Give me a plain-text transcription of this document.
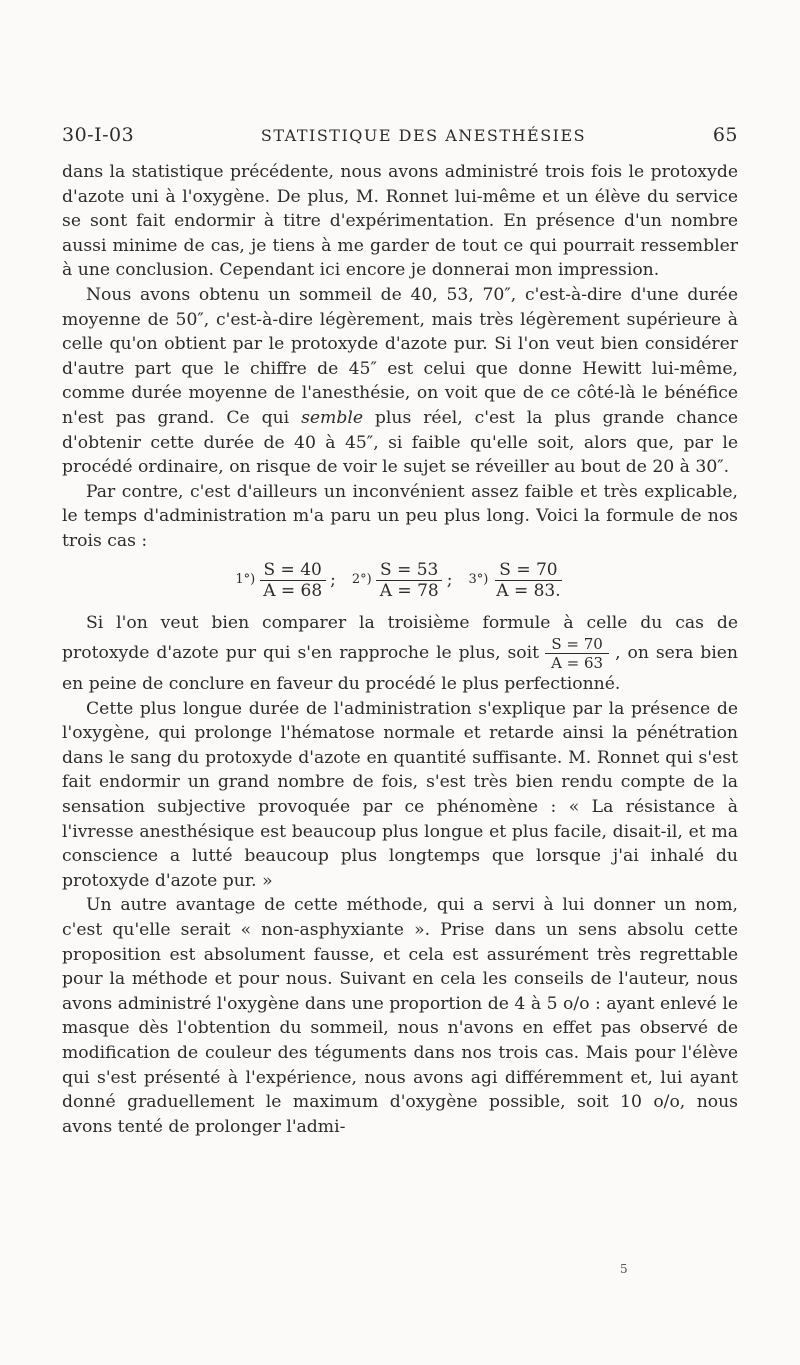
30-I-03	STATISTIQUE DES ANESTHÉSIES	65

dans la statistique précédente, nous avons administré trois fois le protoxyde d'azote uni à l'oxygène. De plus, M. Ronnet lui-même et un élève du service se sont fait endormir à titre d'expérimentation. En présence d'un nombre aussi minime de cas, je tiens à me garder de tout ce qui pourrait ressembler à une conclusion. Cependant ici encore je donnerai mon impression.

Nous avons obtenu un sommeil de 40, 53, 70″, c'est-à-dire d'une durée moyenne de 50″, c'est-à-dire légèrement, mais très légèrement supérieure à celle qu'on obtient par le protoxyde d'azote pur. Si l'on veut bien considérer d'autre part que le chiffre de 45″ est celui que donne Hewitt lui-même, comme durée moyenne de l'anesthésie, on voit que de ce côté-là le bénéfice n'est pas grand. Ce qui semble plus réel, c'est la plus grande chance d'obtenir cette durée de 40 à 45″, si faible qu'elle soit, alors que, par le procédé ordinaire, on risque de voir le sujet se réveiller au bout de 20 à 30″.

Par contre, c'est d'ailleurs un inconvénient assez faible et très explicable, le temps d'administration m'a paru un peu plus long. Voici la formule de nos trois cas :

$1^\circ) \frac{S = 40}{A = 68}$ ; $2^\circ) \frac{S = 53}{A = 78}$ ; $3^\circ) \frac{S = 70}{A = 83.}$

Si l'on veut bien comparer la troisième formule à celle du cas de protoxyde d'azote pur qui s'en rapproche le plus, soit $\frac{S = 70}{A = 63}$ , on sera bien en peine de conclure en faveur du procédé le plus perfectionné.

Cette plus longue durée de l'administration s'explique par la présence de l'oxygène, qui prolonge l'hématose normale et retarde ainsi la pénétration dans le sang du protoxyde d'azote en quantité suffisante. M. Ronnet qui s'est fait endormir un grand nombre de fois, s'est très bien rendu compte de la sensation subjective provoquée par ce phénomène : « La résistance à l'ivresse anesthésique est beaucoup plus longue et plus facile, disait-il, et ma conscience a lutté beaucoup plus longtemps que lorsque j'ai inhalé du protoxyde d'azote pur. »

Un autre avantage de cette méthode, qui a servi à lui donner un nom, c'est qu'elle serait « non-asphyxiante ». Prise dans un sens absolu cette proposition est absolument fausse, et cela est assurément très regrettable pour la méthode et pour nous. Suivant en cela les conseils de l'auteur, nous avons administré l'oxygène dans une proportion de 4 à 5 o/o : ayant enlevé le masque dès l'obtention du sommeil, nous n'avons en effet pas observé de modification de couleur des téguments dans nos trois cas. Mais pour l'élève qui s'est présenté à l'expérience, nous avons agi différemment et, lui ayant donné graduellement le maximum d'oxygène possible, soit 10 o/o, nous avons tenté de prolonger l'admi-

5
